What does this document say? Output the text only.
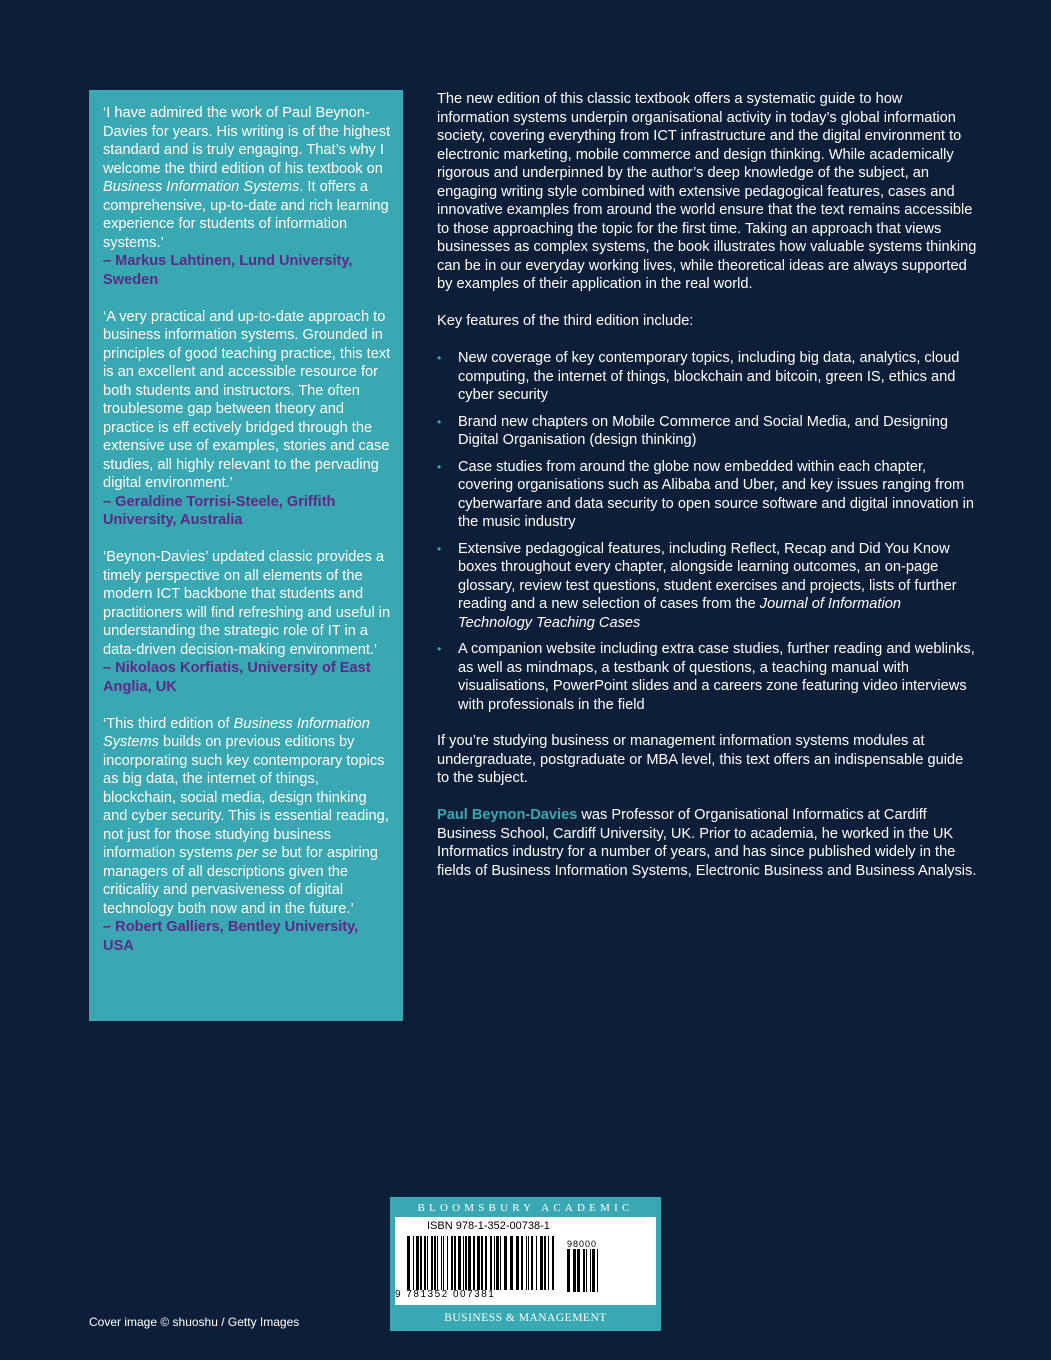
‘I have admired the work of Paul Beynon-Davies for years. His writing is of the highest standard and is truly engaging. That’s why I welcome the third edition of his textbook on Business Information Systems. It offers a comprehensive, up-to-date and rich learning experience for students of information systems.’

– Markus Lahtinen, Lund University, Sweden

‘A very practical and up-to-date approach to business information systems. Grounded in principles of good teaching practice, this text is an excellent and accessible resource for both students and instructors. The often troublesome gap between theory and practice is eff ectively bridged through the extensive use of examples, stories and case studies, all highly relevant to the pervading digital environment.’

– Geraldine Torrisi-Steele, Griffith University, Australia

‘Beynon-Davies’ updated classic provides a timely perspective on all elements of the modern ICT backbone that students and practitioners will find refreshing and useful in understanding the strategic role of IT in a data-driven decision-making environment.’

– Nikolaos Korfiatis, University of East Anglia, UK

‘This third edition of Business Information Systems builds on previous editions by incorporating such key contemporary topics as big data, the internet of things, blockchain, social media, design thinking and cyber security. This is essential reading, not just for those studying business information systems per se but for aspiring managers of all descriptions given the criticality and pervasiveness of digital technology both now and in the future.’

– Robert Galliers, Bentley University, USA

The new edition of this classic textbook offers a systematic guide to how information systems underpin organisational activity in today’s global information society, covering everything from ICT infrastructure and the digital environment to electronic marketing, mobile commerce and design thinking. While academically rigorous and underpinned by the author’s deep knowledge of the subject, an engaging writing style combined with extensive pedagogical features, cases and innovative examples from around the world ensure that the text remains accessible to those approaching the topic for the first time. Taking an approach that views businesses as complex systems, the book illustrates how valuable systems thinking can be in our everyday working lives, while theoretical ideas are always supported by examples of their application in the real world.

Key features of the third edition include:

• New coverage of key contemporary topics, including big data, analytics, cloud computing, the internet of things, blockchain and bitcoin, green IS, ethics and cyber security
• Brand new chapters on Mobile Commerce and Social Media, and Designing Digital Organisation (design thinking)
• Case studies from around the globe now embedded within each chapter, covering organisations such as Alibaba and Uber, and key issues ranging from cyberwarfare and data security to open source software and digital innovation in the music industry
• Extensive pedagogical features, including Reflect, Recap and Did You Know boxes throughout every chapter, alongside learning outcomes, an on-page glossary, review test questions, student exercises and projects, lists of further reading and a new selection of cases from the Journal of Information Technology Teaching Cases
• A companion website including extra case studies, further reading and weblinks, as well as mindmaps, a testbank of questions, a teaching manual with visualisations, PowerPoint slides and a careers zone featuring video interviews with professionals in the field

If you’re studying business or management information systems modules at undergraduate, postgraduate or MBA level, this text offers an indispensable guide to the subject.

Paul Beynon-Davies was Professor of Organisational Informatics at Cardiff Business School, Cardiff University, UK. Prior to academia, he worked in the UK Informatics industry for a number of years, and has since published widely in the fields of Business Information Systems, Electronic Business and Business Analysis.

Cover image © shuoshu / Getty Images
BLOOMSBURY ACADEMIC
ISBN 978-1-352-00738-1
9 781352 007381
98000
BUSINESS & MANAGEMENT
